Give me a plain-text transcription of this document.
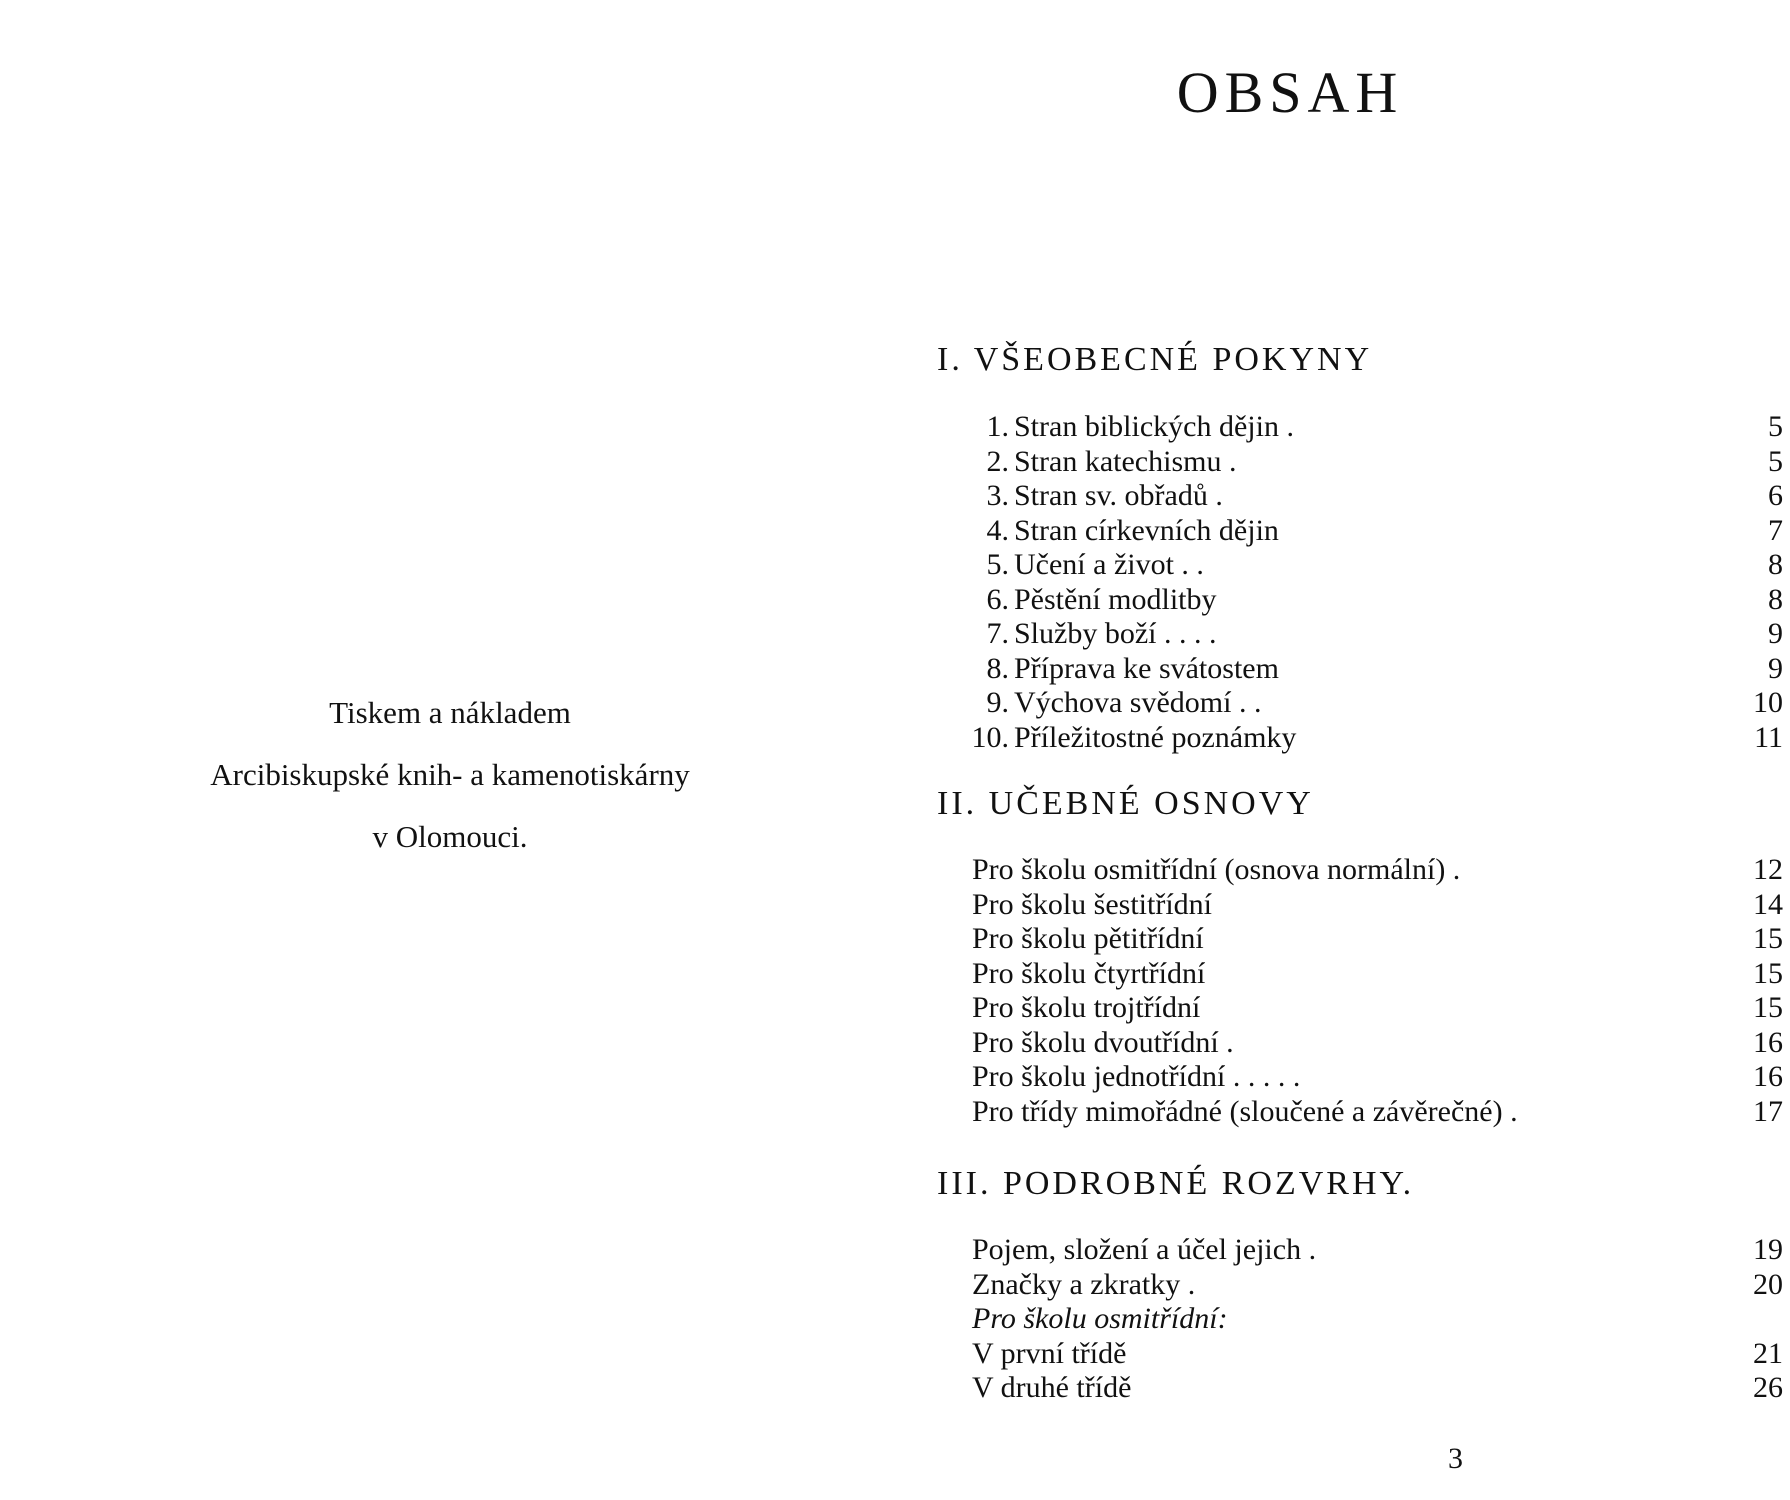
Tiskem a nákladem
Arcibiskupské knih- a kamenotiskárny
v Olomouci.
OBSAH
I. VŠEOBECNÉ POKYNY
1. Stran biblických dějin .	5
2. Stran katechismu .	5
3. Stran sv. obřadů .	6
4. Stran církevních dějin	7
5. Učení a život . .	8
6. Pěstění modlitby	8
7. Služby boží . . . .	9
8. Příprava ke svátostem	9
9. Výchova svědomí . .	10
10. Příležitostné poznámky	11
II. UČEBNÉ OSNOVY
Pro školu osmitřídní (osnova normální) .	12
Pro školu šestitřídní	14
Pro školu pětitřídní	15
Pro školu čtyrtřídní	15
Pro školu trojtřídní	15
Pro školu dvoutřídní .	16
Pro školu jednotřídní . . . . .	16
Pro třídy mimořádné (sloučené a závěrečné) .	17
III. PODROBNÉ ROZVRHY.
Pojem, složení a účel jejich .	19
Značky a zkratky .	20
Pro školu osmitřídní:
V první třídě	21
V druhé třídě	26
3
